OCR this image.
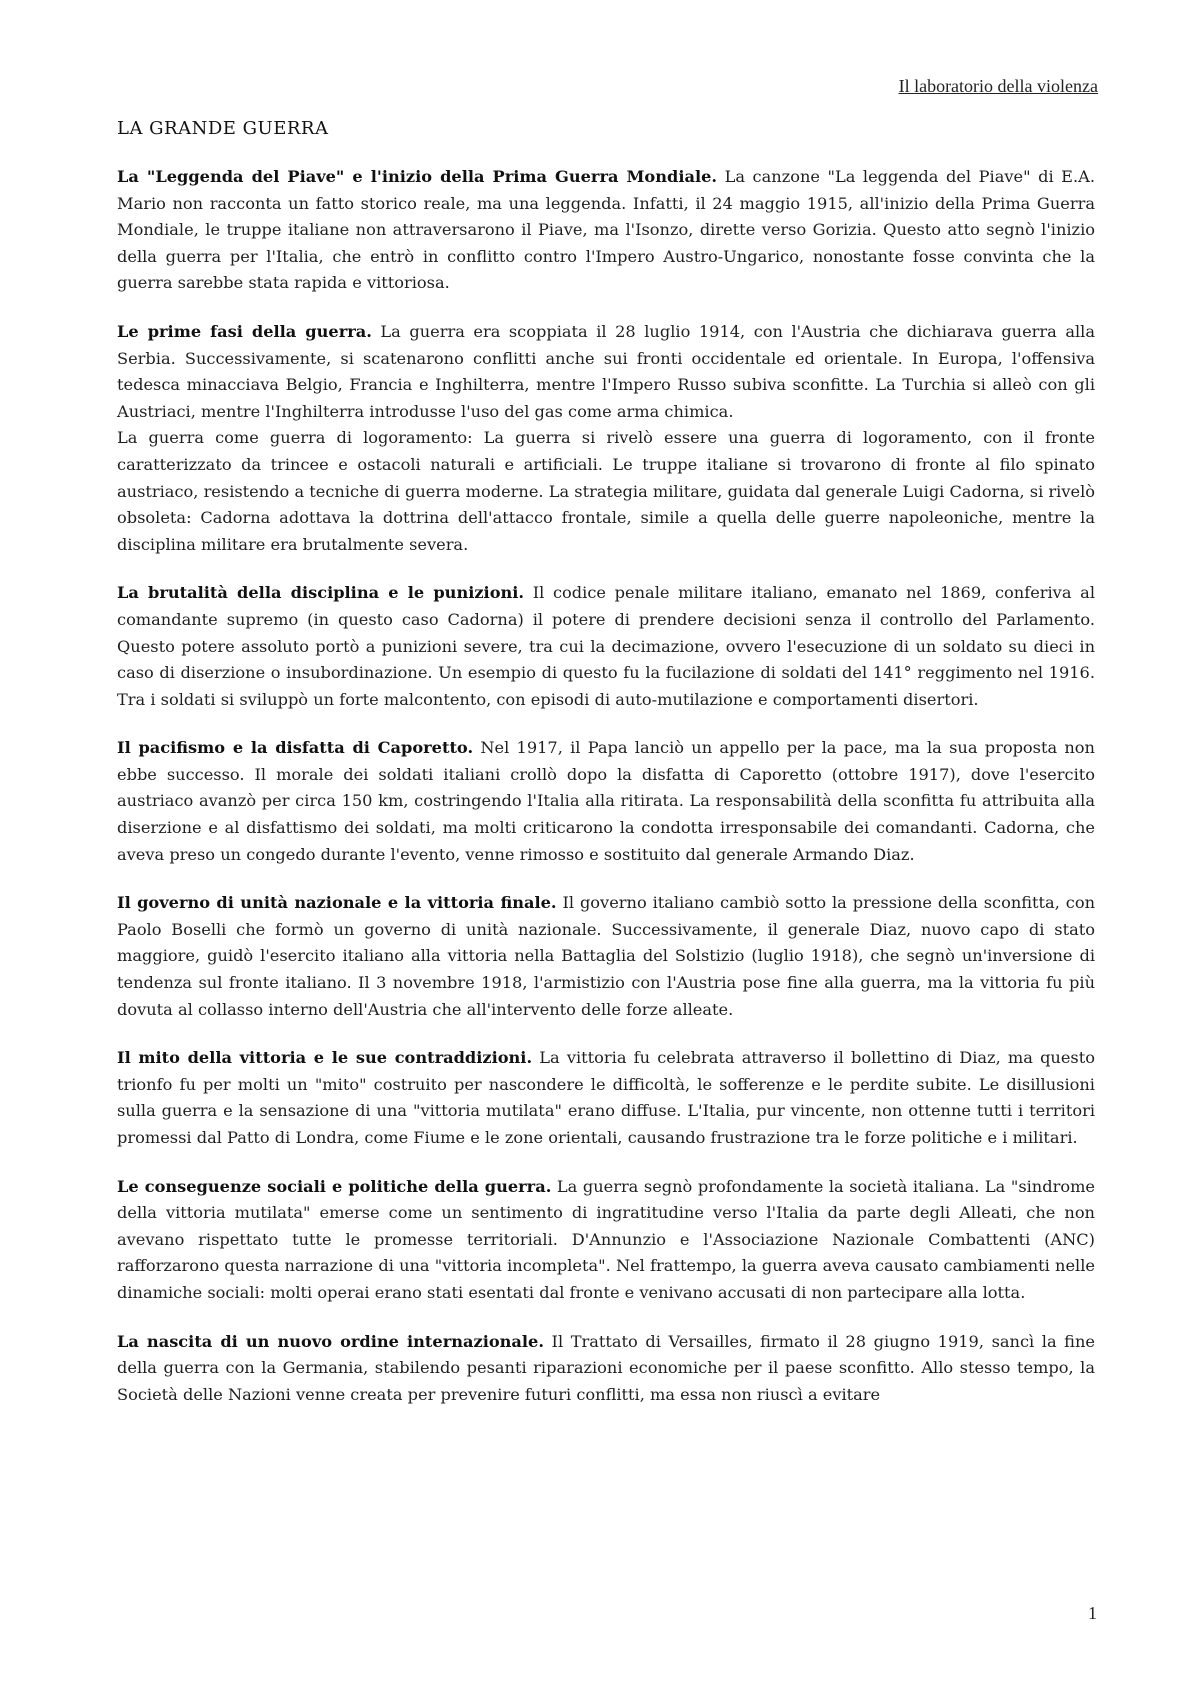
Il laboratorio della violenza
LA GRANDE GUERRA

La "Leggenda del Piave" e l'inizio della Prima Guerra Mondiale. La canzone "La leggenda del Piave" di E.A. Mario non racconta un fatto storico reale, ma una leggenda. Infatti, il 24 maggio 1915, all'inizio della Prima Guerra Mondiale, le truppe italiane non attraversarono il Piave, ma l'Isonzo, dirette verso Gorizia. Questo atto segnò l'inizio della guerra per l'Italia, che entrò in conflitto contro l'Impero Austro-Ungarico, nonostante fosse convinta che la guerra sarebbe stata rapida e vittoriosa.

Le prime fasi della guerra. La guerra era scoppiata il 28 luglio 1914, con l'Austria che dichiarava guerra alla Serbia. Successivamente, si scatenarono conflitti anche sui fronti occidentale ed orientale. In Europa, l'offensiva tedesca minacciava Belgio, Francia e Inghilterra, mentre l'Impero Russo subiva sconfitte. La Turchia si alleò con gli Austriaci, mentre l'Inghilterra introdusse l'uso del gas come arma chimica.

La guerra come guerra di logoramento: La guerra si rivelò essere una guerra di logoramento, con il fronte caratterizzato da trincee e ostacoli naturali e artificiali. Le truppe italiane si trovarono di fronte al filo spinato austriaco, resistendo a tecniche di guerra moderne. La strategia militare, guidata dal generale Luigi Cadorna, si rivelò obsoleta: Cadorna adottava la dottrina dell'attacco frontale, simile a quella delle guerre napoleoniche, mentre la disciplina militare era brutalmente severa.

La brutalità della disciplina e le punizioni. Il codice penale militare italiano, emanato nel 1869, conferiva al comandante supremo (in questo caso Cadorna) il potere di prendere decisioni senza il controllo del Parlamento. Questo potere assoluto portò a punizioni severe, tra cui la decimazione, ovvero l'esecuzione di un soldato su dieci in caso di diserzione o insubordinazione. Un esempio di questo fu la fucilazione di soldati del 141° reggimento nel 1916. Tra i soldati si sviluppò un forte malcontento, con episodi di auto-mutilazione e comportamenti disertori.

Il pacifismo e la disfatta di Caporetto. Nel 1917, il Papa lanciò un appello per la pace, ma la sua proposta non ebbe successo. Il morale dei soldati italiani crollò dopo la disfatta di Caporetto (ottobre 1917), dove l'esercito austriaco avanzò per circa 150 km, costringendo l'Italia alla ritirata. La responsabilità della sconfitta fu attribuita alla diserzione e al disfattismo dei soldati, ma molti criticarono la condotta irresponsabile dei comandanti. Cadorna, che aveva preso un congedo durante l'evento, venne rimosso e sostituito dal generale Armando Diaz.

Il governo di unità nazionale e la vittoria finale. Il governo italiano cambiò sotto la pressione della sconfitta, con Paolo Boselli che formò un governo di unità nazionale. Successivamente, il generale Diaz, nuovo capo di stato maggiore, guidò l'esercito italiano alla vittoria nella Battaglia del Solstizio (luglio 1918), che segnò un'inversione di tendenza sul fronte italiano. Il 3 novembre 1918, l'armistizio con l'Austria pose fine alla guerra, ma la vittoria fu più dovuta al collasso interno dell'Austria che all'intervento delle forze alleate.

Il mito della vittoria e le sue contraddizioni. La vittoria fu celebrata attraverso il bollettino di Diaz, ma questo trionfo fu per molti un "mito" costruito per nascondere le difficoltà, le sofferenze e le perdite subite. Le disillusioni sulla guerra e la sensazione di una "vittoria mutilata" erano diffuse. L'Italia, pur vincente, non ottenne tutti i territori promessi dal Patto di Londra, come Fiume e le zone orientali, causando frustrazione tra le forze politiche e i militari.

Le conseguenze sociali e politiche della guerra. La guerra segnò profondamente la società italiana. La "sindrome della vittoria mutilata" emerse come un sentimento di ingratitudine verso l'Italia da parte degli Alleati, che non avevano rispettato tutte le promesse territoriali. D'Annunzio e l'Associazione Nazionale Combattenti (ANC) rafforzarono questa narrazione di una "vittoria incompleta". Nel frattempo, la guerra aveva causato cambiamenti nelle dinamiche sociali: molti operai erano stati esentati dal fronte e venivano accusati di non partecipare alla lotta.

La nascita di un nuovo ordine internazionale. Il Trattato di Versailles, firmato il 28 giugno 1919, sancì la fine della guerra con la Germania, stabilendo pesanti riparazioni economiche per il paese sconfitto. Allo stesso tempo, la Società delle Nazioni venne creata per prevenire futuri conflitti, ma essa non riuscì a evitare

1
